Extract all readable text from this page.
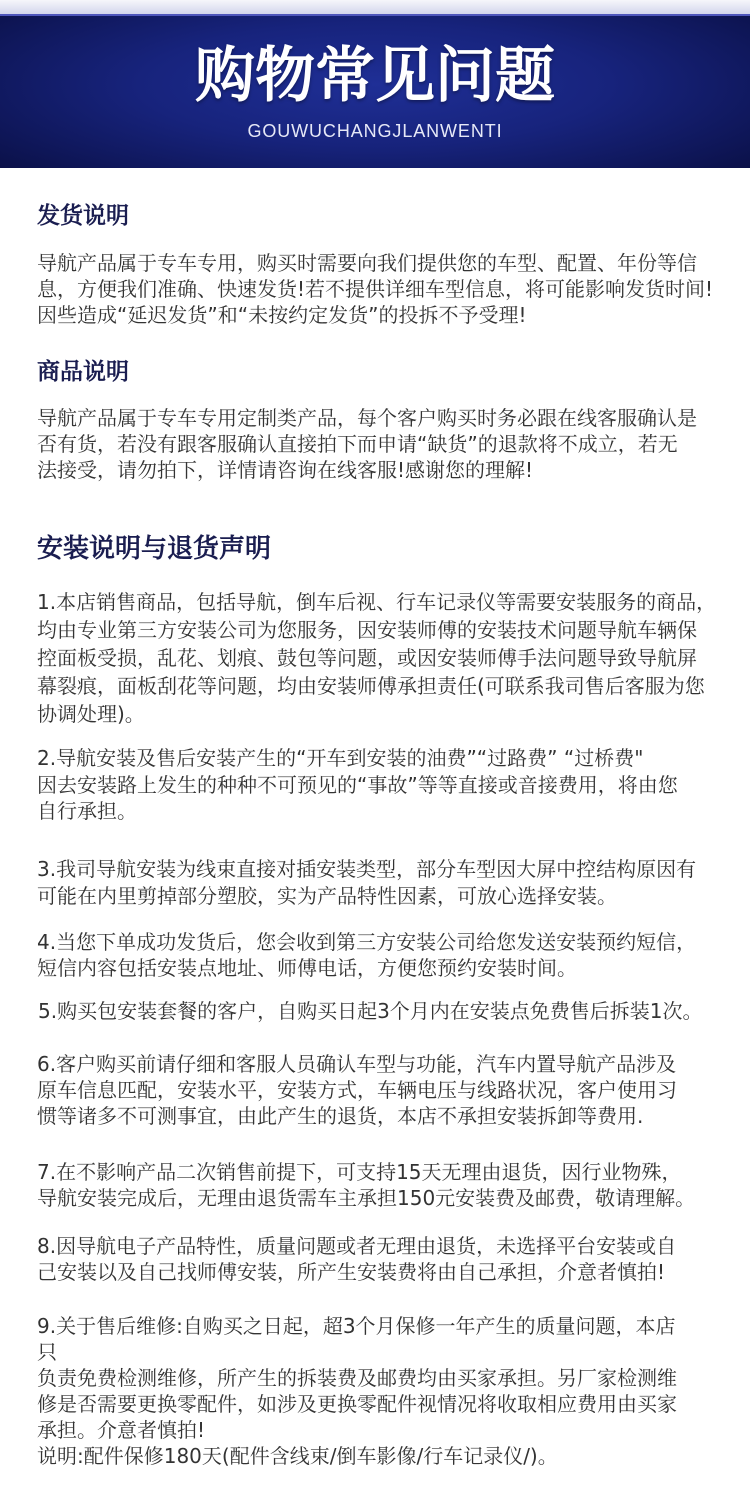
购物常见问题
GOUWUCHANGJLANWENTI
发货说明
导航产品属于专车专用，购买时需要向我们提供您的车型、配置、年份等信
息，方便我们准确、快速发货!若不提供详细车型信息，将可能影响发货时间!
因些造成“延迟发货”和“未按约定发货”的投拆不予受理!
商品说明
导航产品属于专车专用定制类产品，每个客户购买时务必跟在线客服确认是
否有货，若没有跟客服确认直接拍下而申请“缺货”的退款将不成立，若无
法接受，请勿拍下，详情请咨询在线客服!感谢您的理解!
安装说明与退货声明
1.本店销售商品，包括导航，倒车后视、行车记录仪等需要安装服务的商品，
均由专业第三方安装公司为您服务，因安装师傅的安装技术问题导航车辆保
控面板受损，乱花、划痕、鼓包等问题，或因安装师傅手法问题导致导航屏
幕裂痕，面板刮花等问题，均由安装师傅承担责任(可联系我司售后客服为您
协调处理)。
2.导航安装及售后安装产生的“开车到安装的油费”“过路费” “过桥费"
因去安装路上发生的种种不可预见的“事故”等等直接或音接费用，将由您
自行承担。
3.我司导航安装为线束直接对插安装类型，部分车型因大屏中控结构原因有
可能在内里剪掉部分塑胶，实为产品特性因素，可放心选择安装。
4.当您下单成功发货后，您会收到第三方安装公司给您发送安装预约短信，
短信内容包括安装点地址、师傅电话，方便您预约安装时间。
5.购买包安装套餐的客户，自购买日起3个月内在安装点免费售后拆装1次。
6.客户购买前请仔细和客服人员确认车型与功能，汽车内置导航产品涉及
原车信息匹配，安装水平，安装方式，车辆电压与线路状况，客户使用习
惯等诸多不可测事宜，由此产生的退货，本店不承担安装拆卸等费用.
7.在不影响产品二次销售前提下，可支持15天无理由退货，因行业物殊，
导航安装完成后，无理由退货需车主承担150元安装费及邮费，敬请理解。
8.因导航电子产品特性，质量问题或者无理由退货，未选择平台安装或自
己安装以及自己找师傅安装，所产生安装费将由自己承担，介意者慎拍!
9.关于售后维修:自购买之日起，超3个月保修一年产生的质量问题，本店
只
负责免费检测维修，所产生的拆装费及邮费均由买家承担。另厂家检测维
修是否需要更换零配件，如涉及更换零配件视情况将收取相应费用由买家
承担。介意者慎拍!
说明:配件保修180天(配件含线束/倒车影像/行车记录仪/)。
